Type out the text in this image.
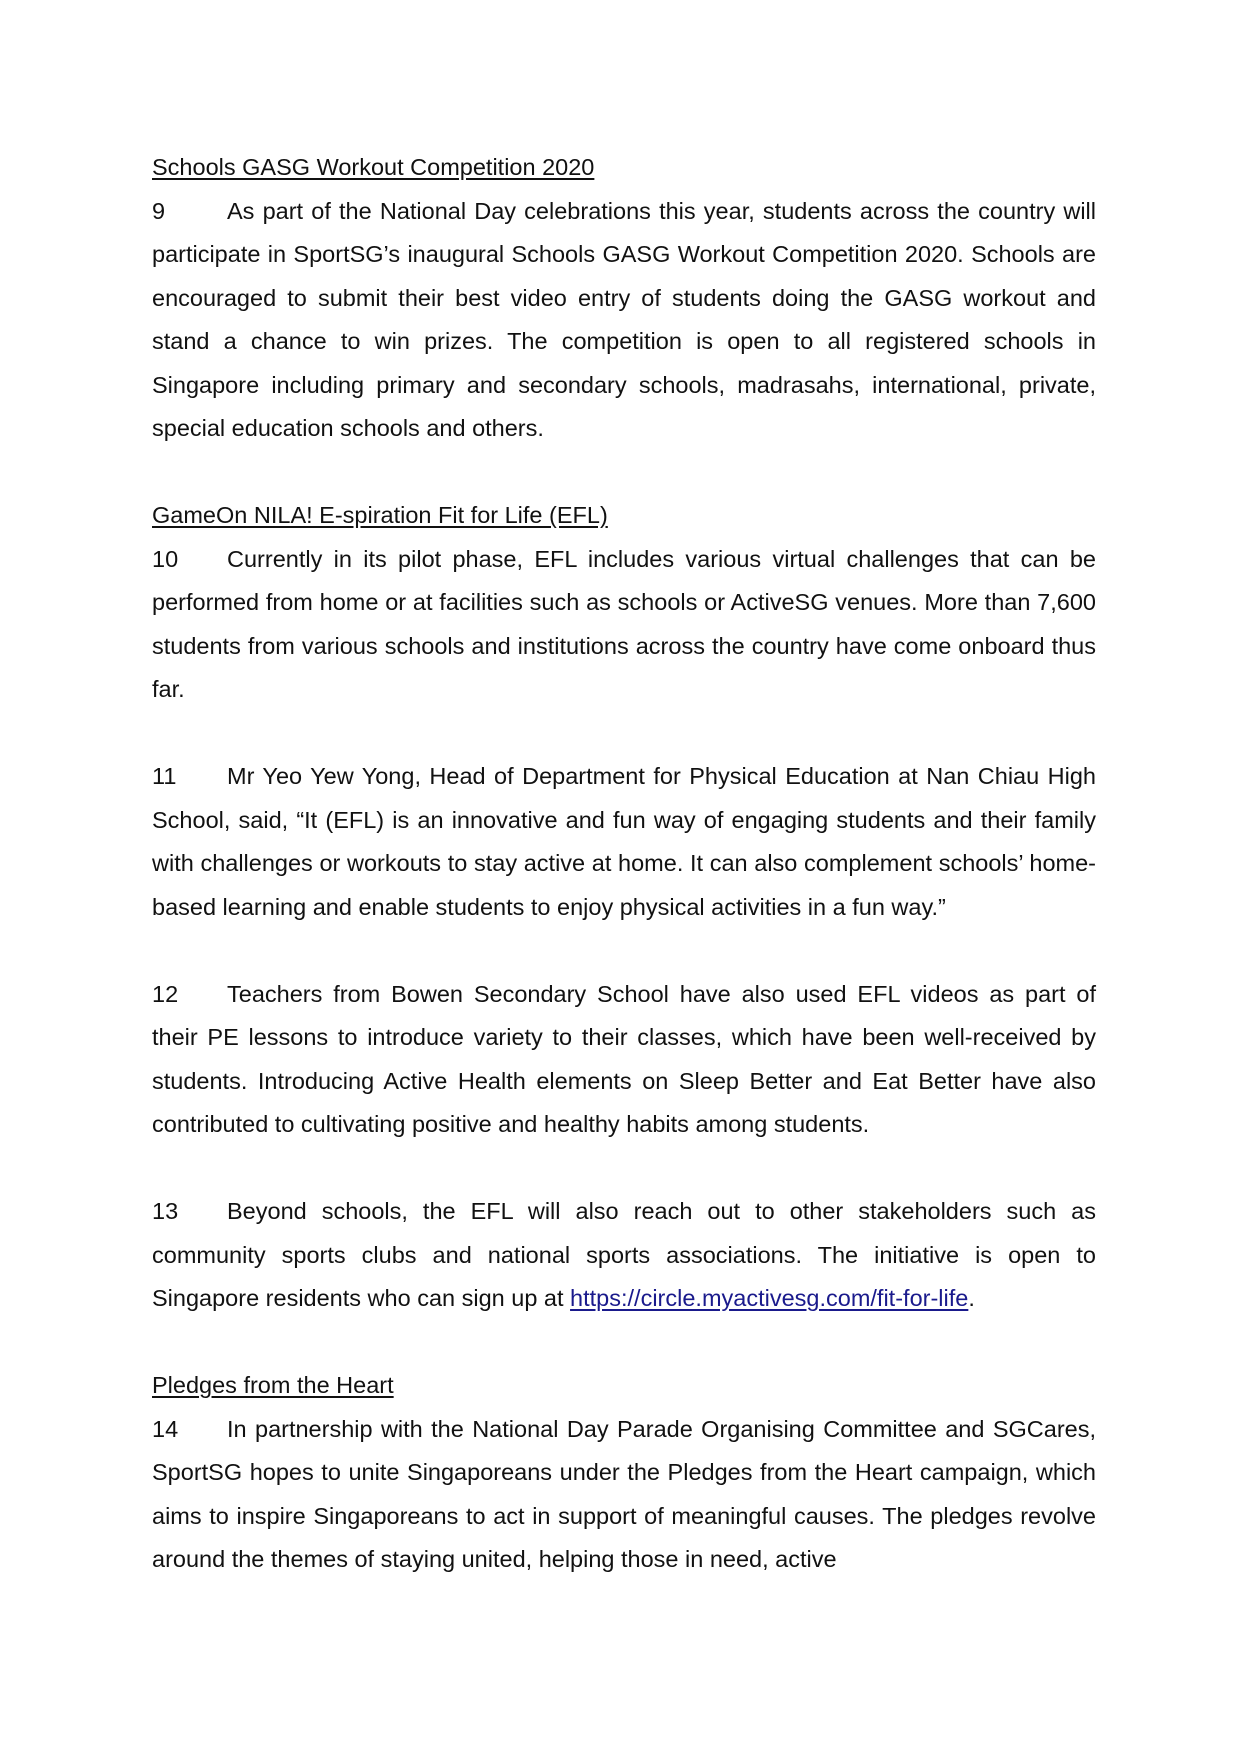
Schools GASG Workout Competition 2020

9	As part of the National Day celebrations this year, students across the country will participate in SportSG’s inaugural Schools GASG Workout Competition 2020. Schools are encouraged to submit their best video entry of students doing the GASG workout and stand a chance to win prizes. The competition is open to all registered schools in Singapore including primary and secondary schools, madrasahs, international, private, special education schools and others.

GameOn NILA! E-spiration Fit for Life (EFL)

10 Currently in its pilot phase, EFL includes various virtual challenges that can be performed from home or at facilities such as schools or ActiveSG venues. More than 7,600 students from various schools and institutions across the country have come onboard thus far.

11 Mr Yeo Yew Yong, Head of Department for Physical Education at Nan Chiau High School, said, “It (EFL) is an innovative and fun way of engaging students and their family with challenges or workouts to stay active at home. It can also complement schools’ home-based learning and enable students to enjoy physical activities in a fun way.”

12 Teachers from Bowen Secondary School have also used EFL videos as part of their PE lessons to introduce variety to their classes, which have been well-received by students. Introducing Active Health elements on Sleep Better and Eat Better have also contributed to cultivating positive and healthy habits among students.

13 Beyond schools, the EFL will also reach out to other stakeholders such as community sports clubs and national sports associations. The initiative is open to Singapore residents who can sign up at https://circle.myactivesg.com/fit-for-life.

Pledges from the Heart

14 In partnership with the National Day Parade Organising Committee and SGCares, SportSG hopes to unite Singaporeans under the Pledges from the Heart campaign, which aims to inspire Singaporeans to act in support of meaningful causes. The pledges revolve around the themes of staying united, helping those in need, active
